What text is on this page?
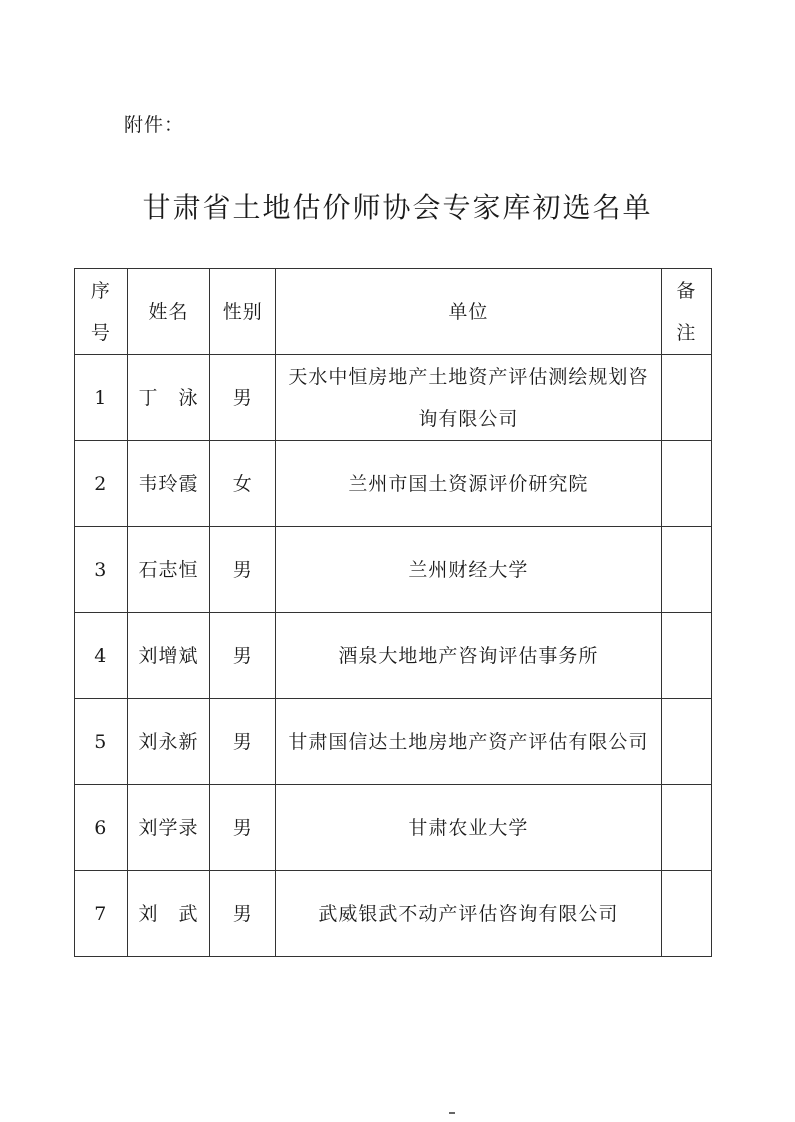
附件：
甘肃省土地估价师协会专家库初选名单
序号	姓名	性别	单位	备注
1	丁　泳	男	天水中恒房地产土地资产评估测绘规划咨询有限公司	
2	韦玲霞	女	兰州市国土资源评价研究院	
3	石志恒	男	兰州财经大学	
4	刘增斌	男	酒泉大地地产咨询评估事务所	
5	刘永新	男	甘肃国信达土地房地产资产评估有限公司	
6	刘学录	男	甘肃农业大学	
7	刘　武	男	武威银武不动产评估咨询有限公司	
